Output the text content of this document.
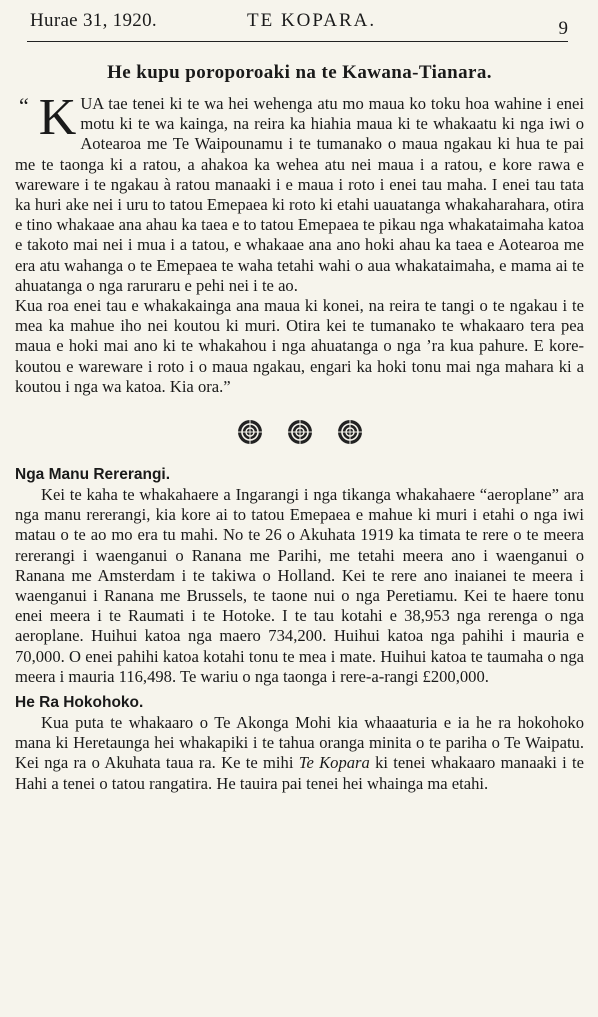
Hurae 31, 1920.	TE KOPARA.	9
He kupu poroporoaki na te Kawana-Tianara.

“ K UA tae tenei ki te wa hei wehenga atu mo maua ko toku hoa wahine i enei motu ki te wa kainga, na reira ka hiahia maua ki te whakaatu ki nga iwi o Aotearoa me Te Waipounamu i te tumanako o maua ngakau ki hua te pai me te taonga ki a ratou, a ahakoa ka wehea atu nei maua i a ratou, e kore rawa e wareware i te ngakau à ratou manaaki i e maua i roto i enei tau maha. I enei tau tata ka huri ake nei i uru to tatou Emepaea ki roto ki etahi uauatanga whakaharahara, otira e tino whakaae ana ahau ka taea e to tatou Emepaea te pikau nga whakataimaha katoa e takoto mai nei i mua i a tatou, e whakaae ana ano hoki ahau ka taea e Aotearoa me era atu wahanga o te Emepaea te waha tetahi wahi o aua whakataimaha, e mama ai te ahuatanga o nga raruraru e pehi nei i te ao.

Kua roa enei tau e whakakainga ana maua ki konei, na reira te tangi o te ngakau i te mea ka mahue iho nei koutou ki muri. Otira kei te tumanako te whakaaro tera pea maua e hoki mai ano ki te whakahou i nga ahuatanga o nga ’ra kua pahure. E kore-koutou e wareware i roto i o maua ngakau, engari ka hoki tonu mai nga mahara ki a koutou i nga wa katoa. Kia ora.”

Nga Manu Rererangi.

Kei te kaha te whakahaere a Ingarangi i nga tikanga whakahaere “aeroplane” ara nga manu rererangi, kia kore ai to tatou Emepaea e mahue ki muri i etahi o nga iwi matau o te ao mo era tu mahi. No te 26 o Akuhata 1919 ka timata te rere o te meera rererangi i waenganui o Ranana me Parihi, me tetahi meera ano i waenganui o Ranana me Amsterdam i te takiwa o Holland. Kei te rere ano inaianei te meera i waenganui i Ranana me Brussels, te taone nui o nga Peretiamu. Kei te haere tonu enei meera i te Raumati i te Hotoke. I te tau kotahi e 38,953 nga rerenga o nga aeroplane. Huihui katoa nga maero 734,200. Huihui katoa nga pahihi i mauria e 70,000. O enei pahihi katoa kotahi tonu te mea i mate. Huihui katoa te taumaha o nga meera i mauria 116,498. Te wariu o nga taonga i rere-a-rangi £200,000.

He Ra Hokohoko.

Kua puta te whakaaro o Te Akonga Mohi kia whaaaturia e ia he ra hokohoko mana ki Heretaunga hei whakapiki i te tahua oranga minita o te pariha o Te Waipatu. Kei nga ra o Akuhata taua ra. Ke te mihi Te Kopara ki tenei whakaaro manaaki i te Hahi a tenei o tatou rangatira. He tauira pai tenei hei whainga ma etahi.
